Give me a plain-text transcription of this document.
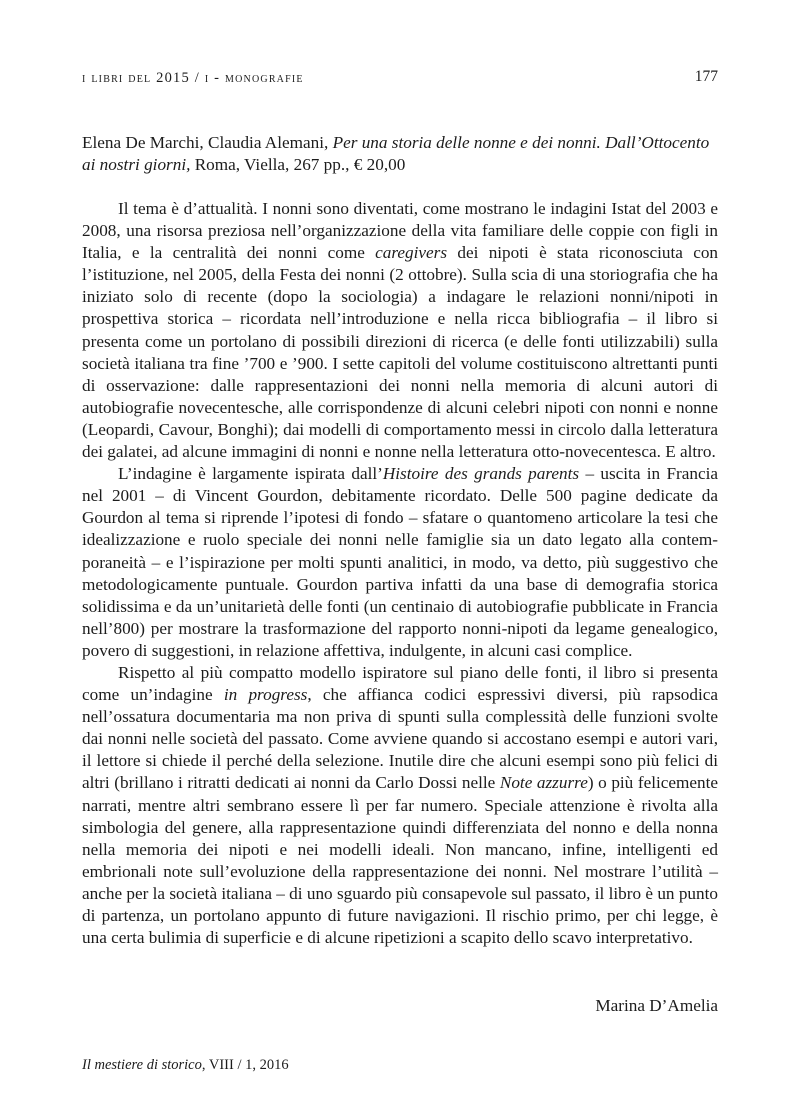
i libri del 2015 / i - monografie	177
Elena De Marchi, Claudia Alemani, Per una storia delle nonne e dei nonni. Dall’Ottocento ai nostri giorni, Roma, Viella, 267 pp., € 20,00

Il tema è d’attualità. I nonni sono diventati, come mostrano le indagini Istat del 2003 e 2008, una risorsa preziosa nell’organizzazione della vita familiare delle coppie con figli in Italia, e la centralità dei nonni come caregivers dei nipoti è stata riconosciuta con l’istituzione, nel 2005, della Festa dei nonni (2 ottobre). Sulla scia di una storiografia che ha iniziato solo di recente (dopo la sociologia) a indagare le relazioni nonni/nipoti in prospettiva storica – ricordata nell’introduzione e nella ricca bibliografia – il libro si presenta come un portolano di possibili direzioni di ricerca (e delle fonti utilizzabili) sulla società italiana tra fine ’700 e ’900. I sette capitoli del volume costituiscono altrettanti punti di osservazione: dalle rappresentazioni dei nonni nella memoria di alcuni autori di autobiografie novecentesche, alle corrispondenze di alcuni celebri nipoti con nonni e nonne (Leopardi, Cavour, Bonghi); dai modelli di comportamento messi in circolo dalla letteratura dei galatei, ad alcune immagini di nonni e nonne nella letteratura otto-novecentesca. E altro.

L’indagine è largamente ispirata dall’Histoire des grands parents – uscita in Francia nel 2001 – di Vincent Gourdon, debitamente ricordato. Delle 500 pagine dedicate da Gourdon al tema si riprende l’ipotesi di fondo – sfatare o quantomeno articolare la tesi che idealizzazione e ruolo speciale dei nonni nelle famiglie sia un dato legato alla contemporaneità – e l’ispirazione per molti spunti analitici, in modo, va detto, più suggestivo che metodologicamente puntuale. Gourdon partiva infatti da una base di demografia storica solidissima e da un’unitarietà delle fonti (un centinaio di autobiografie pubblicate in Francia nell’800) per mostrare la trasformazione del rapporto nonni-nipoti da legame genealogico, povero di suggestioni, in relazione affettiva, indulgente, in alcuni casi complice.

Rispetto al più compatto modello ispiratore sul piano delle fonti, il libro si presenta come un’indagine in progress, che affianca codici espressivi diversi, più rapsodica nell’ossatura documentaria ma non priva di spunti sulla complessità delle funzioni svolte dai nonni nelle società del passato. Come avviene quando si accostano esempi e autori vari, il lettore si chiede il perché della selezione. Inutile dire che alcuni esempi sono più felici di altri (brillano i ritratti dedicati ai nonni da Carlo Dossi nelle Note azzurre) o più felicemente narrati, mentre altri sembrano essere lì per far numero. Speciale attenzione è rivolta alla simbologia del genere, alla rappresentazione quindi differenziata del nonno e della nonna nella memoria dei nipoti e nei modelli ideali. Non mancano, infine, intelligenti ed embrionali note sull’evoluzione della rappresentazione dei nonni. Nel mostrare l’utilità – anche per la società italiana – di uno sguardo più consapevole sul passato, il libro è un punto di partenza, un portolano appunto di future navigazioni. Il rischio primo, per chi legge, è una certa bulimia di superficie e di alcune ripetizioni a scapito dello scavo interpretativo.

Marina D’Amelia
Il mestiere di storico, VIII / 1, 2016
